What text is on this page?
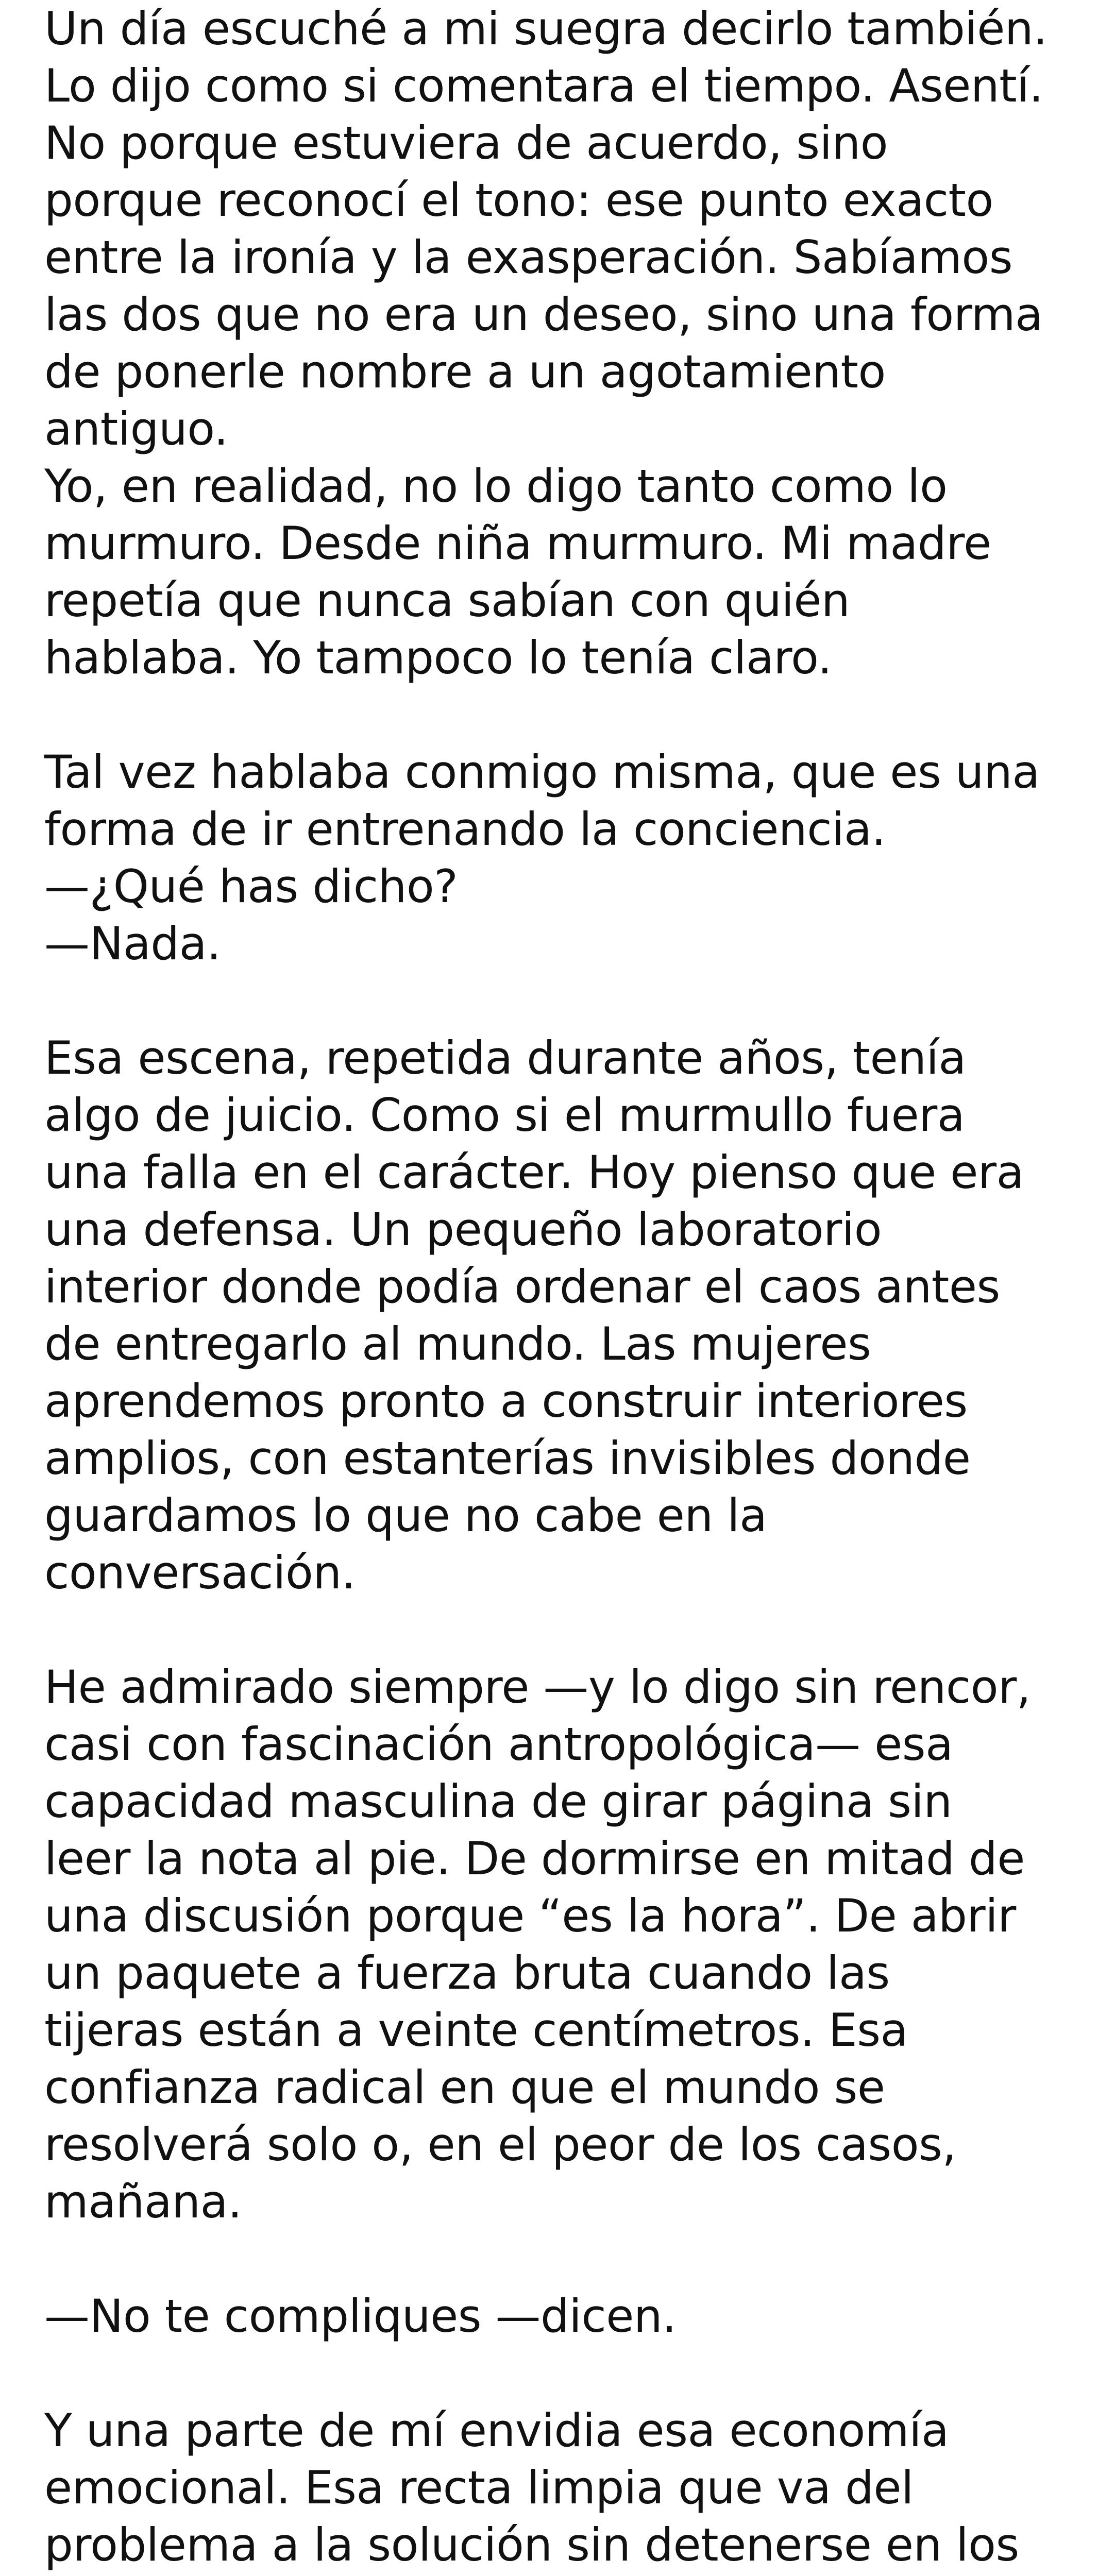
Un día escuché a mi suegra decirlo también.
Lo dijo como si comentara el tiempo. Asentí.
No porque estuviera de acuerdo, sino
porque reconocí el tono: ese punto exacto
entre la ironía y la exasperación. Sabíamos
las dos que no era un deseo, sino una forma
de ponerle nombre a un agotamiento
antiguo.
Yo, en realidad, no lo digo tanto como lo
murmuro. Desde niña murmuro. Mi madre
repetía que nunca sabían con quién
hablaba. Yo tampoco lo tenía claro.
Tal vez hablaba conmigo misma, que es una
forma de ir entrenando la conciencia.
—¿Qué has dicho?
—Nada.
Esa escena, repetida durante años, tenía
algo de juicio. Como si el murmullo fuera
una falla en el carácter. Hoy pienso que era
una defensa. Un pequeño laboratorio
interior donde podía ordenar el caos antes
de entregarlo al mundo. Las mujeres
aprendemos pronto a construir interiores
amplios, con estanterías invisibles donde
guardamos lo que no cabe en la
conversación.
He admirado siempre —y lo digo sin rencor,
casi con fascinación antropológica— esa
capacidad masculina de girar página sin
leer la nota al pie. De dormirse en mitad de
una discusión porque “es la hora”. De abrir
un paquete a fuerza bruta cuando las
tijeras están a veinte centímetros. Esa
confianza radical en que el mundo se
resolverá solo o, en el peor de los casos,
mañana.
—No te compliques —dicen.
Y una parte de mí envidia esa economía
emocional. Esa recta limpia que va del
problema a la solución sin detenerse en los
